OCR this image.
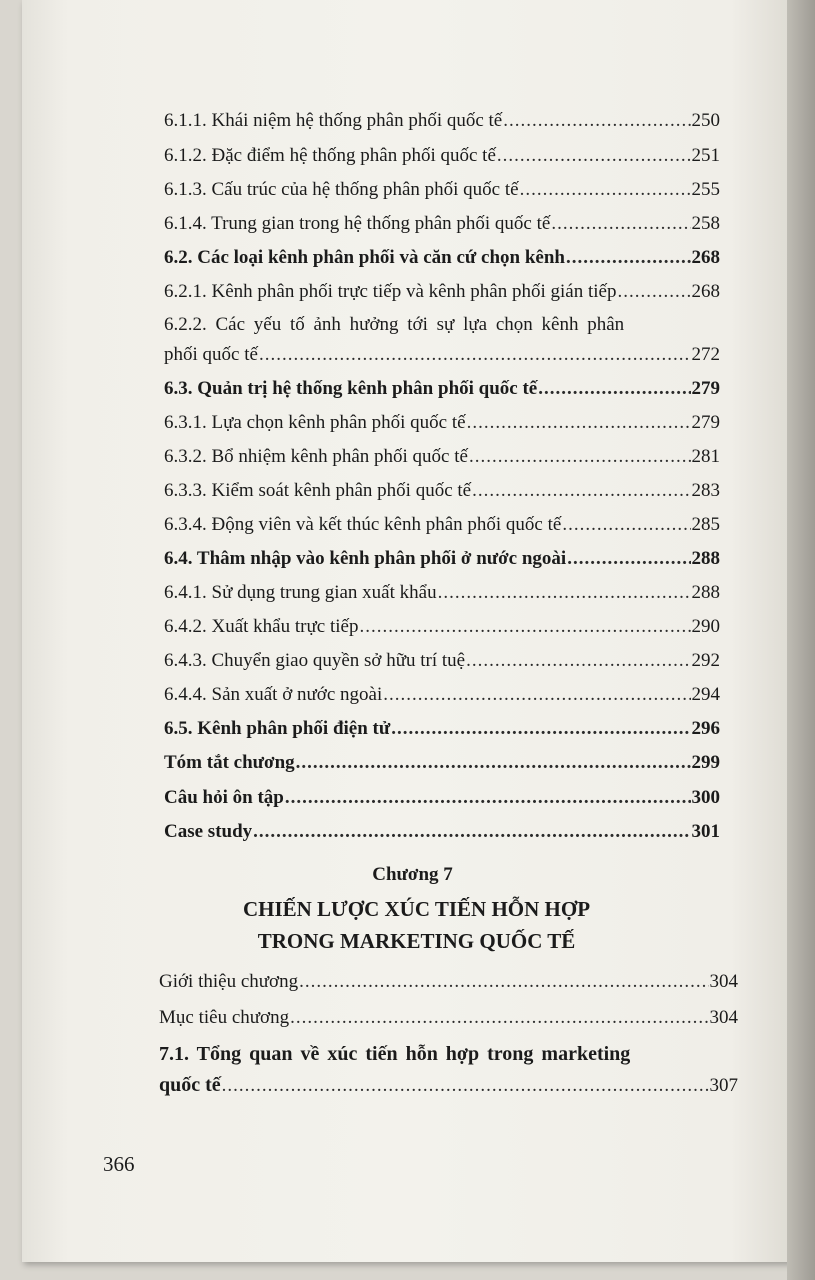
6.1.1. Khái niệm hệ thống phân phối quốc tế .....	250
6.1.2. Đặc điểm hệ thống phân phối quốc tế .....	251
6.1.3. Cấu trúc của hệ thống phân phối quốc tế .....	255
6.1.4. Trung gian trong hệ thống phân phối quốc tế .....	258
6.2. Các loại kênh phân phối và căn cứ chọn kênh .....	268
6.2.1. Kênh phân phối trực tiếp và kênh phân phối gián tiếp .....	268
6.2.2. Các yếu tố ảnh hưởng tới sự lựa chọn kênh phân
phối quốc tế .....	272
6.3. Quản trị hệ thống kênh phân phối quốc tế .....	279
6.3.1. Lựa chọn kênh phân phối quốc tế .....	279
6.3.2. Bổ nhiệm kênh phân phối quốc tế .....	281
6.3.3. Kiểm soát kênh phân phối quốc tế .....	283
6.3.4. Động viên và kết thúc kênh phân phối quốc tế .....	285
6.4. Thâm nhập vào kênh phân phối ở nước ngoài .....	288
6.4.1. Sử dụng trung gian xuất khẩu .....	288
6.4.2. Xuất khẩu trực tiếp .....	290
6.4.3. Chuyển giao quyền sở hữu trí tuệ .....	292
6.4.4. Sản xuất ở nước ngoài .....	294
6.5. Kênh phân phối điện tử .....	296
Tóm tắt chương .....	299
Câu hỏi ôn tập .....	300
Case study .....	301
Chương 7
CHIẾN LƯỢC XÚC TIẾN HỖN HỢP
TRONG MARKETING QUỐC TẾ
Giới thiệu chương .....	304
Mục tiêu chương .....	304
7.1. Tổng quan về xúc tiến hỗn hợp trong marketing
quốc tế .....	307
366
